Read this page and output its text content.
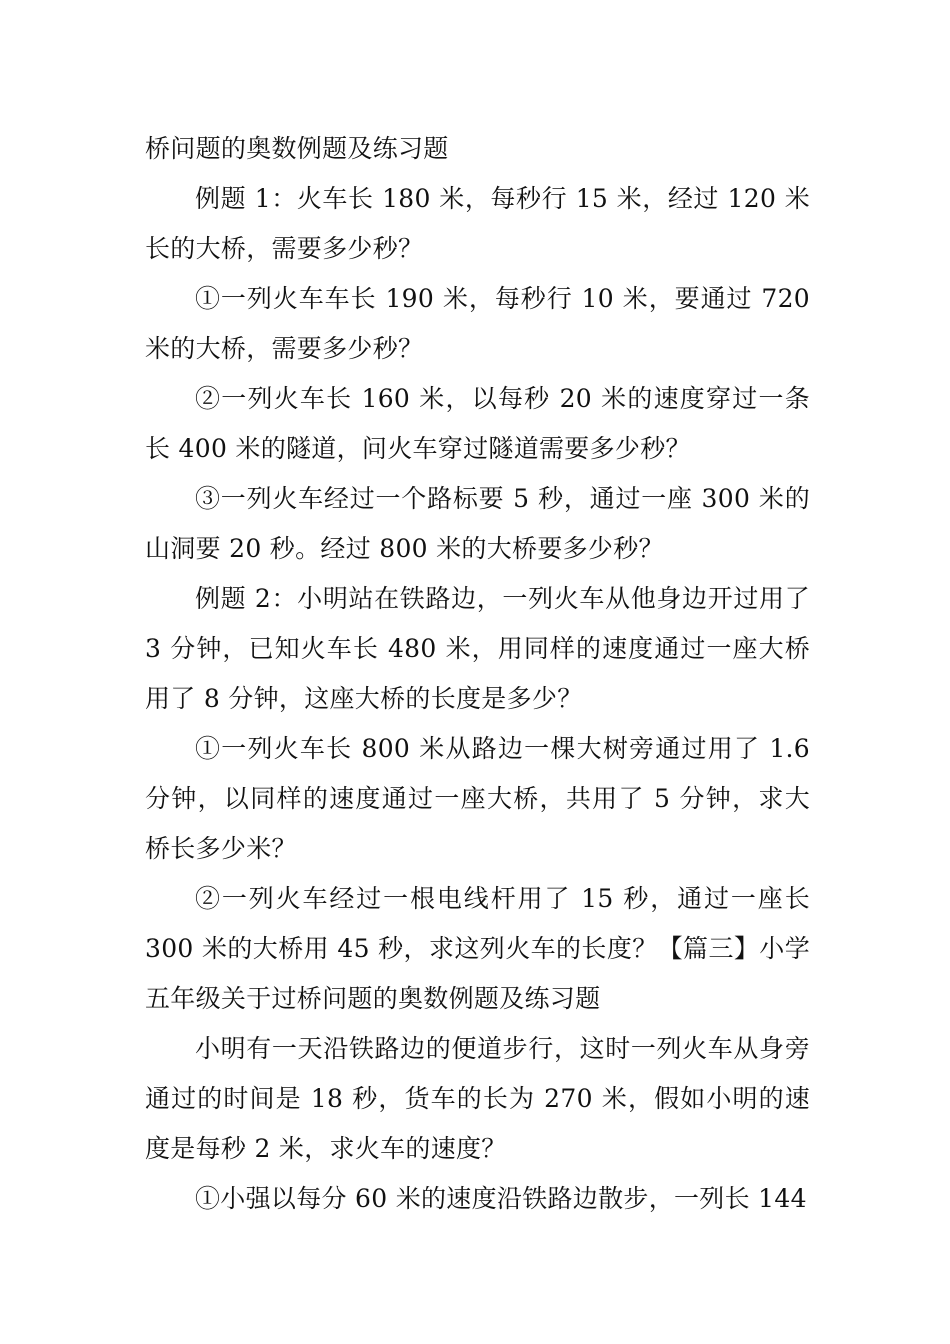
桥问题的奥数例题及练习题

例题 1：火车长 180 米，每秒行 15 米，经过 120 米长的大桥，需要多少秒？

①一列火车车长 190 米，每秒行 10 米，要通过 720 米的大桥，需要多少秒？

②一列火车长 160 米，以每秒 20 米的速度穿过一条长 400 米的隧道，问火车穿过隧道需要多少秒？

③一列火车经过一个路标要 5 秒，通过一座 300 米的山洞要 20 秒。经过 800 米的大桥要多少秒？

例题 2：小明站在铁路边，一列火车从他身边开过用了 3 分钟，已知火车长 480 米，用同样的速度通过一座大桥用了 8 分钟，这座大桥的长度是多少？

①一列火车长 800 米从路边一棵大树旁通过用了 1.6 分钟，以同样的速度通过一座大桥，共用了 5 分钟，求大桥长多少米？

②一列火车经过一根电线杆用了 15 秒，通过一座长 300 米的大桥用 45 秒，求这列火车的长度？【篇三】小学五年级关于过桥问题的奥数例题及练习题

小明有一天沿铁路边的便道步行，这时一列火车从身旁通过的时间是 18 秒，货车的长为 270 米，假如小明的速度是每秒 2 米，求火车的速度？

①小强以每分 60 米的速度沿铁路边散步，一列长 144
